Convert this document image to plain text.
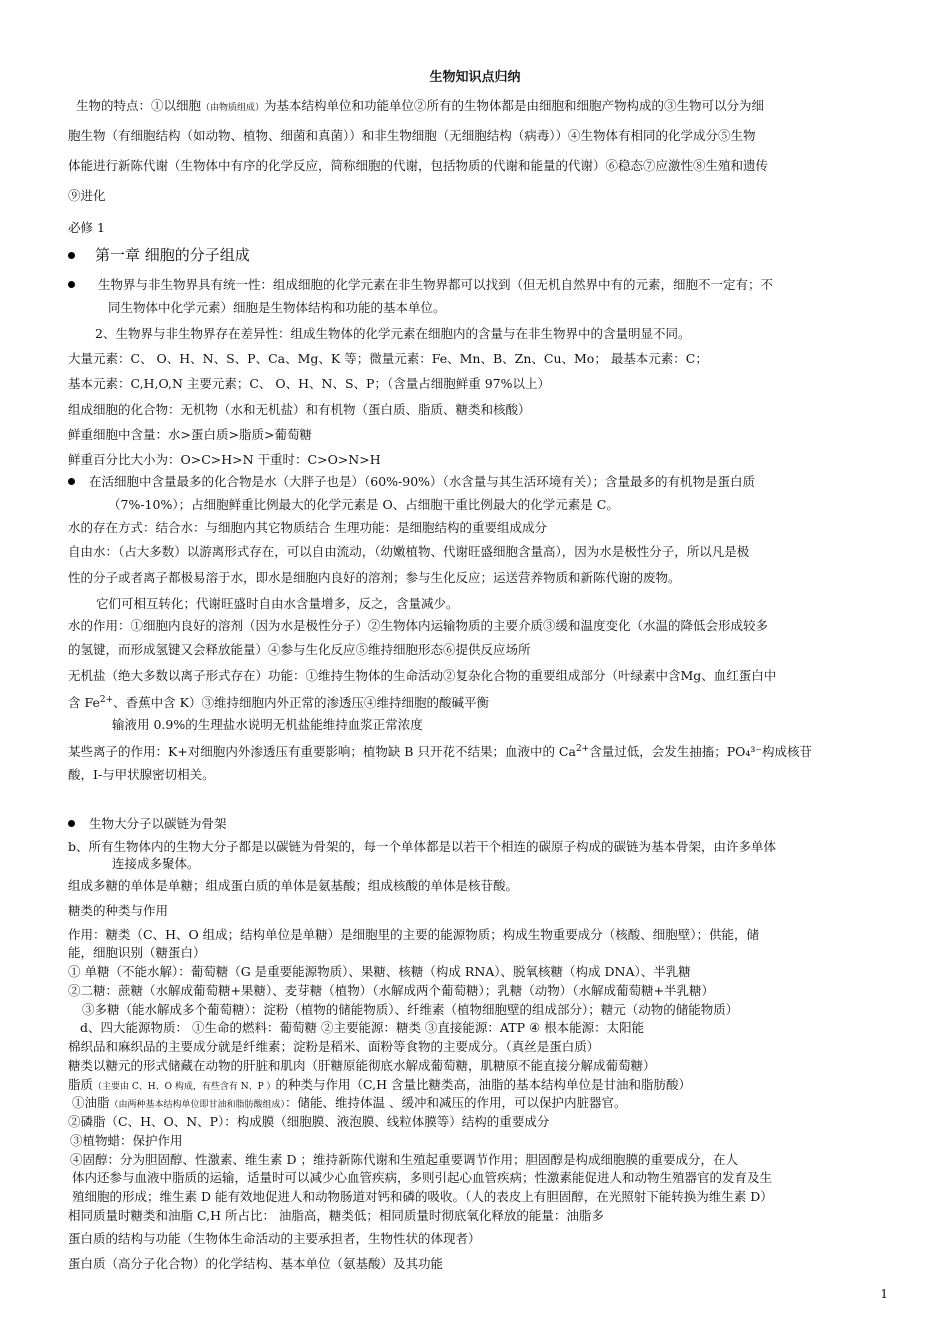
生物知识点归纳
生物的特点：①以细胞（由物质组成）为基本结构单位和功能单位②所有的生物体都是由细胞和细胞产物构成的③生物可以分为细
胞生物（有细胞结构（如动物、植物、细菌和真菌））和非生物细胞（无细胞结构（病毒））④生物体有相同的化学成分⑤生物
体能进行新陈代谢（生物体中有序的化学反应，简称细胞的代谢，包括物质的代谢和能量的代谢）⑥稳态⑦应激性⑧生殖和遗传
⑨进化
必修 1
第一章 细胞的分子组成
生物界与非生物界具有统一性：组成细胞的化学元素在非生物界都可以找到（但无机自然界中有的元素，细胞不一定有；不
同生物体中化学元素）细胞是生物体结构和功能的基本单位。
2、生物界与非生物界存在差异性：组成生物体的化学元素在细胞内的含量与在非生物界中的含量明显不同。
大量元素：C、 O、H、N、S、P、Ca、Mg、K 等；微量元素：Fe、Mn、B、Zn、Cu、Mo； 最基本元素：C；
基本元素：C,H,O,N 主要元素；C、 O、H、N、S、P；（含量占细胞鲜重 97%以上）
组成细胞的化合物：无机物（水和无机盐）和有机物（蛋白质、脂质、糖类和核酸）
鲜重细胞中含量：水>蛋白质>脂质>葡萄糖
鲜重百分比大小为：O>C>H>N 干重时：C>O>N>H
在活细胞中含量最多的化合物是水（大胖子也是）（60%-90%）（水含量与其生活环境有关）；含量最多的有机物是蛋白质
（7%-10%）；占细胞鲜重比例最大的化学元素是 O、占细胞干重比例最大的化学元素是 C。
水的存在方式：结合水：与细胞内其它物质结合 生理功能：是细胞结构的重要组成成分
自由水：（占大多数）以游离形式存在，可以自由流动，（幼嫩植物、代谢旺盛细胞含量高），因为水是极性分子，所以凡是极
性的分子或者离子都极易溶于水，即水是细胞内良好的溶剂；参与生化反应；运送营养物质和新陈代谢的废物。
它们可相互转化；代谢旺盛时自由水含量增多，反之，含量减少。
水的作用：①细胞内良好的溶剂（因为水是极性分子）②生物体内运输物质的主要介质③缓和温度变化（水温的降低会形成较多
的氢键，而形成氢键又会释放能量）④参与生化反应⑤维持细胞形态⑥提供反应场所
无机盐（绝大多数以离子形式存在）功能：①维持生物体的生命活动②复杂化合物的重要组成部分（叶绿素中含Mg、血红蛋白中
含 $Fe^{2+}$、香蕉中含 K）③维持细胞内外正常的渗透压④维持细胞的酸碱平衡
输液用 0.9%的生理盐水说明无机盐能维持血浆正常浓度
某些离子的作用：K+对细胞内外渗透压有重要影响；植物缺 B 只开花不结果；血液中的 $Ca^{2+}$含量过低，会发生抽搐；PO₄³⁻构成核苷
酸，I-与甲状腺密切相关。
生物大分子以碳链为骨架
b、所有生物体内的生物大分子都是以碳链为骨架的，每一个单体都是以若干个相连的碳原子构成的碳链为基本骨架，由许多单体
连接成多聚体。
组成多糖的单体是单糖；组成蛋白质的单体是氨基酸；组成核酸的单体是核苷酸。
糖类的种类与作用
作用：糖类（C、H、O 组成；结构单位是单糖）是细胞里的主要的能源物质；构成生物重要成分（核酸、细胞壁）；供能，储
能，细胞识别（糖蛋白）
① 单糖（不能水解）：葡萄糖（G 是重要能源物质）、果糖、核糖（构成 RNA）、脱氧核糖（构成 DNA）、半乳糖
②二糖：蔗糖（水解成葡萄糖+果糖）、麦芽糖（植物）（水解成两个葡萄糖）；乳糖（动物）（水解成葡萄糖+半乳糖）
③多糖（能水解成多个葡萄糖）：淀粉（植物的储能物质）、纤维素（植物细胞壁的组成部分）；糖元（动物的储能物质）
d、四大能源物质： ①生命的燃料：葡萄糖 ②主要能源：糖类 ③直接能源：ATP ④ 根本能源：太阳能
棉织品和麻织品的主要成分就是纤维素；淀粉是稻米、面粉等食物的主要成分。（真丝是蛋白质）
糖类以糖元的形式储藏在动物的肝脏和肌肉（肝糖原能彻底水解成葡萄糖，肌糖原不能直接分解成葡萄糖）
脂质（主要由 C、H、O 构成，有些含有 N、P ）的种类与作用（C,H 含量比糖类高，油脂的基本结构单位是甘油和脂肪酸）
①油脂（由两种基本结构单位即甘油和脂肪酸组成）：储能、维持体温 、缓冲和减压的作用，可以保护内脏器官。
②磷脂（C、H、O、N、P）：构成膜（细胞膜、液泡膜、线粒体膜等）结构的重要成分
③植物蜡：保护作用
④固醇：分为胆固醇、性激素、维生素 D ；维持新陈代谢和生殖起重要调节作用；胆固醇是构成细胞膜的重要成分，在人
体内还参与血液中脂质的运输，适量时可以减少心血管疾病，多则引起心血管疾病；性激素能促进人和动物生殖器官的发育及生
殖细胞的形成；维生素 D 能有效地促进人和动物肠道对钙和磷的吸收。（人的表皮上有胆固醇，在光照射下能转换为维生素 D）
相同质量时糖类和油脂 C,H 所占比： 油脂高，糖类低；相同质量时彻底氧化释放的能量：油脂多
蛋白质的结构与功能（生物体生命活动的主要承担者，生物性状的体现者）
蛋白质（高分子化合物）的化学结构、基本单位（氨基酸）及其功能
1
